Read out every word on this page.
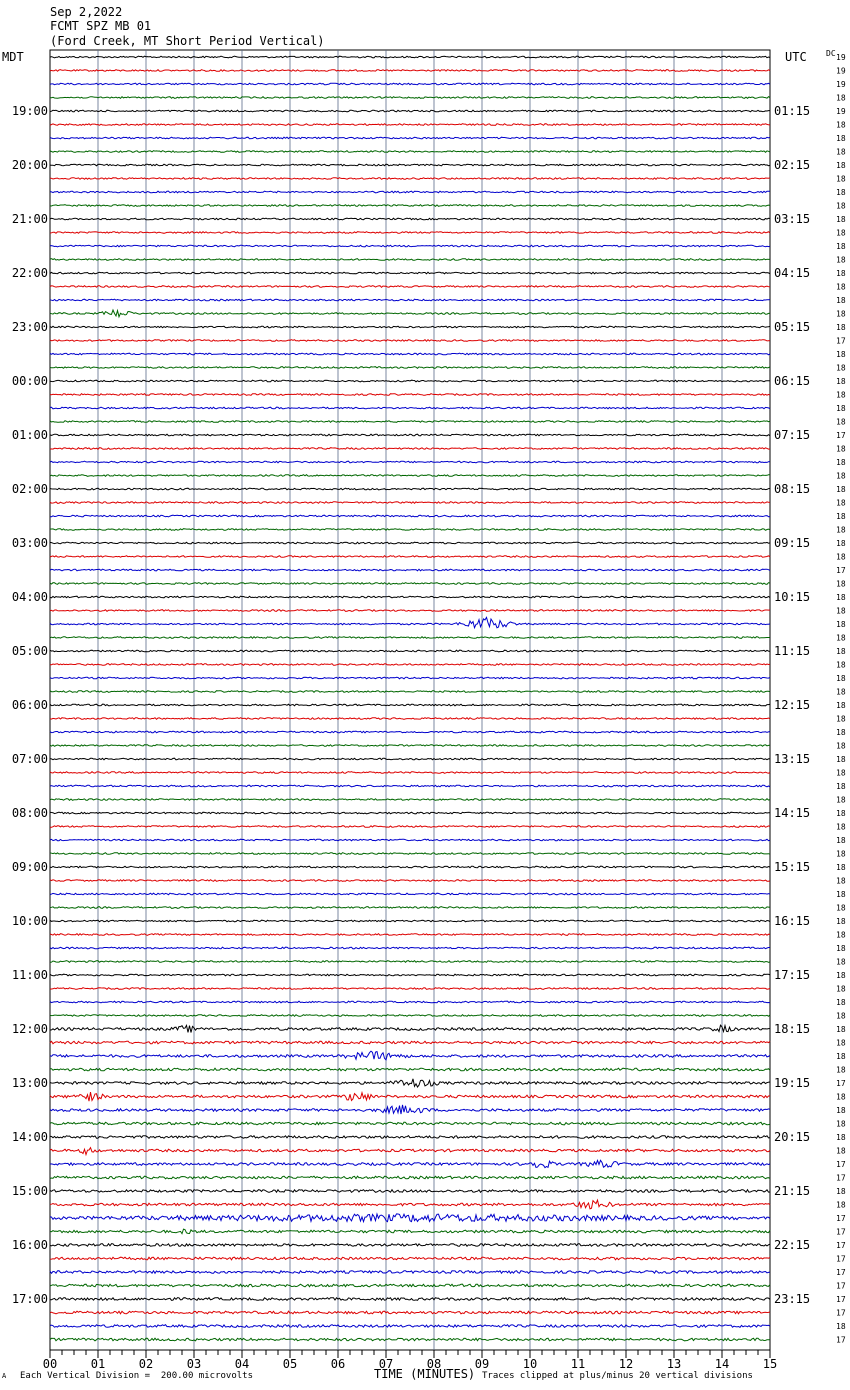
Sep 2,2022
FCMT SPZ MB 01
(Ford Creek, MT Short Period Vertical)
MDT	UTC DC 19
19
19
18
19
18
18
18
18
18
18
18
18
18
18
18
18
18
18
18
18
17
18
18
18
18
18
18
17
18
18
18
18
18
18
18
18
18
17
18
18
18
18
18
18
18
18
18
18
18
18
18
18
18
18
18
18
18
18
18
18
18
18
18
18
18
18
18
18
18
18
18
18
18
18
18
17
18
18
18
18
18
17
17
18
18
17
17
17
17
17
17
17
17
18
17
19:00
20:00
21:00
22:00
23:00
00:00
01:00
02:00
03:00
04:00
05:00
06:00
07:00
08:00
09:00
10:00
11:00
12:00
13:00
14:00
15:00
16:00
17:00
01:15
02:15
03:15
04:15
05:15
06:15
07:15
08:15
09:15
10:15
11:15
12:15
13:15
14:15
15:15
16:15
17:15
18:15
19:15
20:15
21:15
22:15
23:15
00	01	02	03	04	05	06	07	08	09	10	11	12	13	14	15
A Each Vertical Division =  200.00 microvolts	TIME (MINUTES) Traces clipped at plus/minus 20 vertical divisions
